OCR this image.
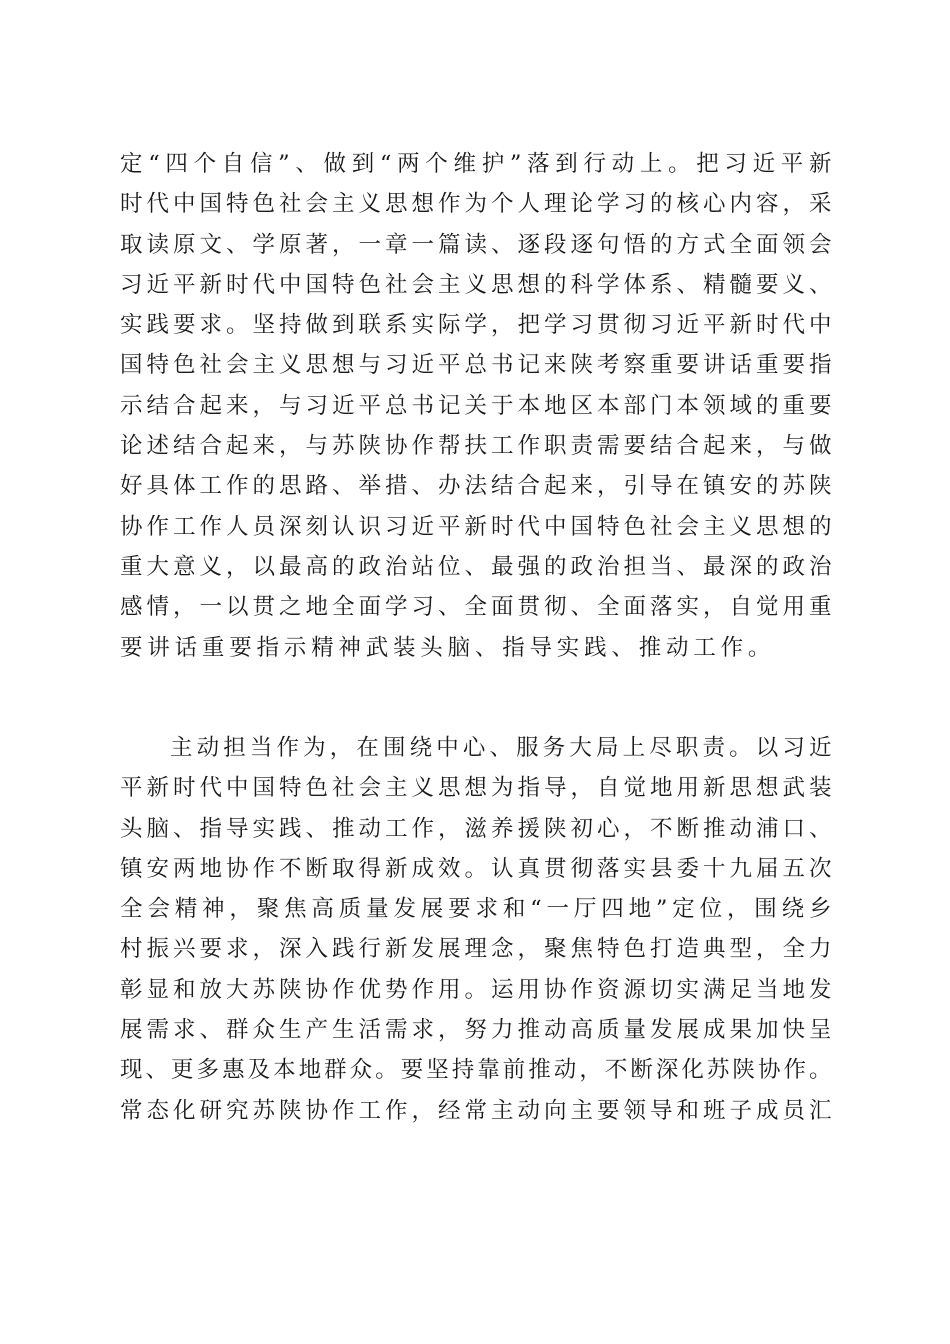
定“四个自信”、做到“两个维护”落到行动上。把习近平新
时代中国特色社会主义思想作为个人理论学习的核心内容，采
取读原文、学原著，一章一篇读、逐段逐句悟的方式全面领会
习近平新时代中国特色社会主义思想的科学体系、精髓要义、
实践要求。坚持做到联系实际学，把学习贯彻习近平新时代中
国特色社会主义思想与习近平总书记来陕考察重要讲话重要指
示结合起来，与习近平总书记关于本地区本部门本领域的重要
论述结合起来，与苏陕协作帮扶工作职责需要结合起来，与做
好具体工作的思路、举措、办法结合起来，引导在镇安的苏陕
协作工作人员深刻认识习近平新时代中国特色社会主义思想的
重大意义，以最高的政治站位、最强的政治担当、最深的政治
感情，一以贯之地全面学习、全面贯彻、全面落实，自觉用重
要讲话重要指示精神武装头脑、指导实践、推动工作。
主动担当作为，在围绕中心、服务大局上尽职责。以习近
平新时代中国特色社会主义思想为指导，自觉地用新思想武装
头脑、指导实践、推动工作，滋养援陕初心，不断推动浦口、
镇安两地协作不断取得新成效。认真贯彻落实县委十九届五次
全会精神，聚焦高质量发展要求和“一厅四地”定位，围绕乡
村振兴要求，深入践行新发展理念，聚焦特色打造典型，全力
彰显和放大苏陕协作优势作用。运用协作资源切实满足当地发
展需求、群众生产生活需求，努力推动高质量发展成果加快呈
现、更多惠及本地群众。要坚持靠前推动，不断深化苏陕协作。
常态化研究苏陕协作工作，经常主动向主要领导和班子成员汇
